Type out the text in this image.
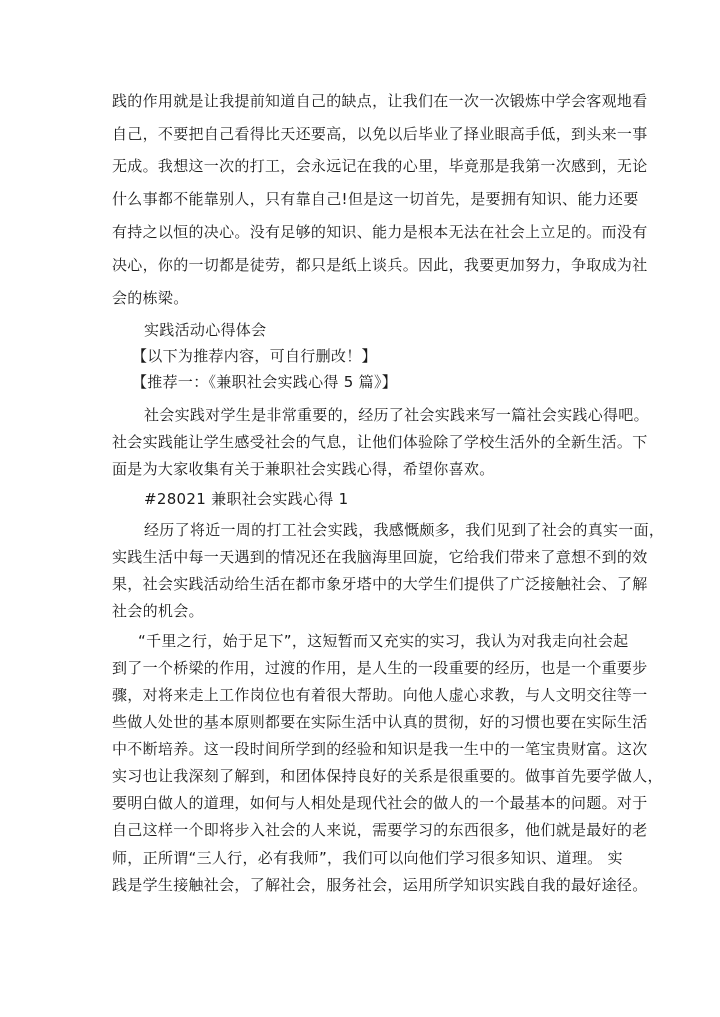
践的作用就是让我提前知道自己的缺点，让我们在一次一次锻炼中学会客观地看
自己，不要把自己看得比天还要高，以免以后毕业了择业眼高手低，到头来一事
无成。我想这一次的打工，会永远记在我的心里，毕竟那是我第一次感到，无论
什么事都不能靠别人，只有靠自己!但是这一切首先，是要拥有知识、能力还要
有持之以恒的决心。没有足够的知识、能力是根本无法在社会上立足的。而没有
决心，你的一切都是徒劳，都只是纸上谈兵。因此，我要更加努力，争取成为社
会的栋梁。
实践活动心得体会
【以下为推荐内容，可自行删改！】
【推荐一：《兼职社会实践心得 5 篇》】
社会实践对学生是非常重要的，经历了社会实践来写一篇社会实践心得吧。
社会实践能让学生感受社会的气息，让他们体验除了学校生活外的全新生活。下
面是为大家收集有关于兼职社会实践心得，希望你喜欢。
#28021 兼职社会实践心得 1
经历了将近一周的打工社会实践，我感慨颇多，我们见到了社会的真实一面，
实践生活中每一天遇到的情况还在我脑海里回旋，它给我们带来了意想不到的效
果，社会实践活动给生活在都市象牙塔中的大学生们提供了广泛接触社会、了解
社会的机会。
“千里之行，始于足下”，这短暂而又充实的实习，我认为对我走向社会起
到了一个桥梁的作用，过渡的作用，是人生的一段重要的经历，也是一个重要步
骤，对将来走上工作岗位也有着很大帮助。向他人虚心求教，与人文明交往等一
些做人处世的基本原则都要在实际生活中认真的贯彻，好的习惯也要在实际生活
中不断培养。这一段时间所学到的经验和知识是我一生中的一笔宝贵财富。这次
实习也让我深刻了解到，和团体保持良好的关系是很重要的。做事首先要学做人，
要明白做人的道理，如何与人相处是现代社会的做人的一个最基本的问题。对于
自己这样一个即将步入社会的人来说，需要学习的东西很多，他们就是最好的老
师，正所谓“三人行，必有我师”，我们可以向他们学习很多知识、道理。 实
践是学生接触社会，了解社会，服务社会，运用所学知识实践自我的最好途径。
